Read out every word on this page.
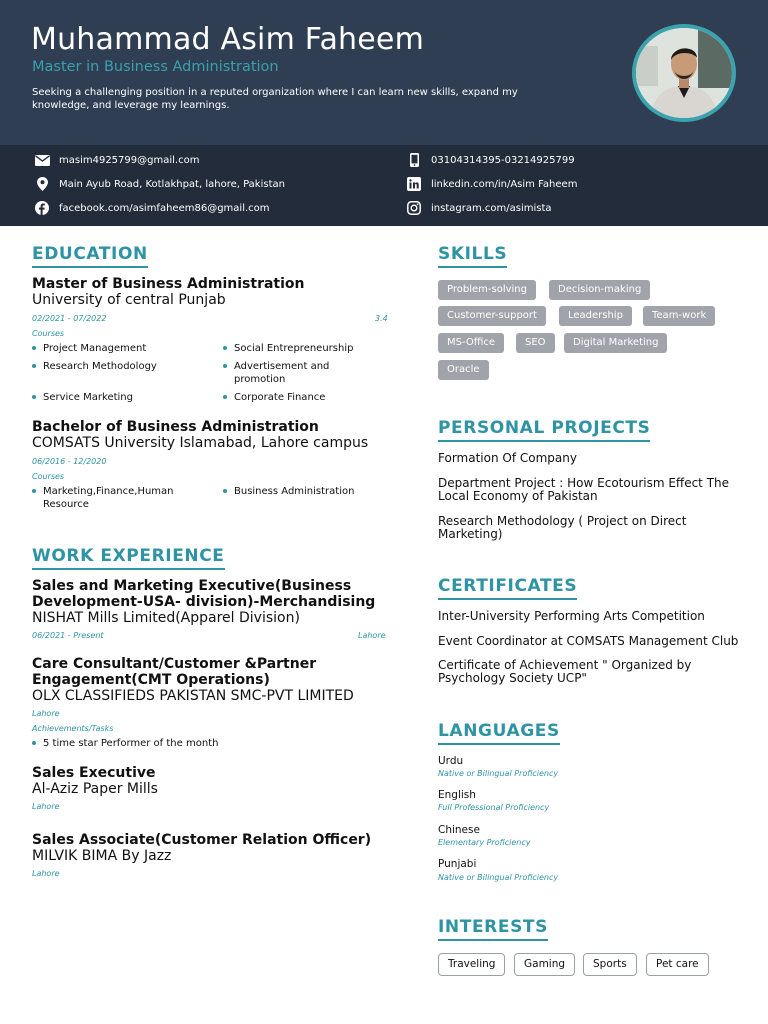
Muhammad Asim Faheem
Master in Business Administration
Seeking a challenging position in a reputed organization where I can learn new skills, expand my knowledge, and leverage my learnings.
masim4925799@gmail.com
Main Ayub Road, Kotlakhpat, lahore, Pakistan
facebook.com/asimfaheem86@gmail.com
03104314395-03214925799
linkedin.com/in/Asim Faheem
instagram.com/asimista
EDUCATION
Master of Business Administration
University of central Punjab
02/2021 - 07/2022	3.4
Courses
Project Management	Social Entrepreneurship
Research Methodology	Advertisement and promotion
Service Marketing	Corporate Finance
Bachelor of Business Administration
COMSATS University Islamabad, Lahore campus
06/2016 - 12/2020
Courses
Marketing,Finance,Human Resource
Business Administration
WORK EXPERIENCE
Sales and Marketing Executive(Business Development-USA- division)-Merchandising
NISHAT Mills Limited(Apparel Division)
06/2021 - Present	Lahore
Care Consultant/Customer &Partner Engagement(CMT Operations)
OLX CLASSIFIEDS PAKISTAN SMC-PVT LIMITED
Lahore
Achievements/Tasks
5 time star Performer of the month
Sales Executive
Al-Aziz Paper Mills
Lahore
Sales Associate(Customer Relation Officer)
MILVIK BIMA By Jazz
Lahore
SKILLS
Problem-solving	Decision-making
Customer-support	Leadership	Team-work
MS-Office	SEO	Digital Marketing
Oracle
PERSONAL PROJECTS
Formation Of Company
Department Project : How Ecotourism Effect The Local Economy of Pakistan
Research Methodology ( Project on Direct Marketing)
CERTIFICATES
Inter-University Performing Arts Competition
Event Coordinator at COMSATS Management Club
Certificate of Achievement " Organized by Psychology Society UCP"
LANGUAGES
Urdu
Native or Bilingual Proficiency
English
Full Professional Proficiency
Chinese
Elementary Proficiency
Punjabi
Native or Bilingual Proficiency
INTERESTS
Traveling	Gaming	Sports	Pet care
